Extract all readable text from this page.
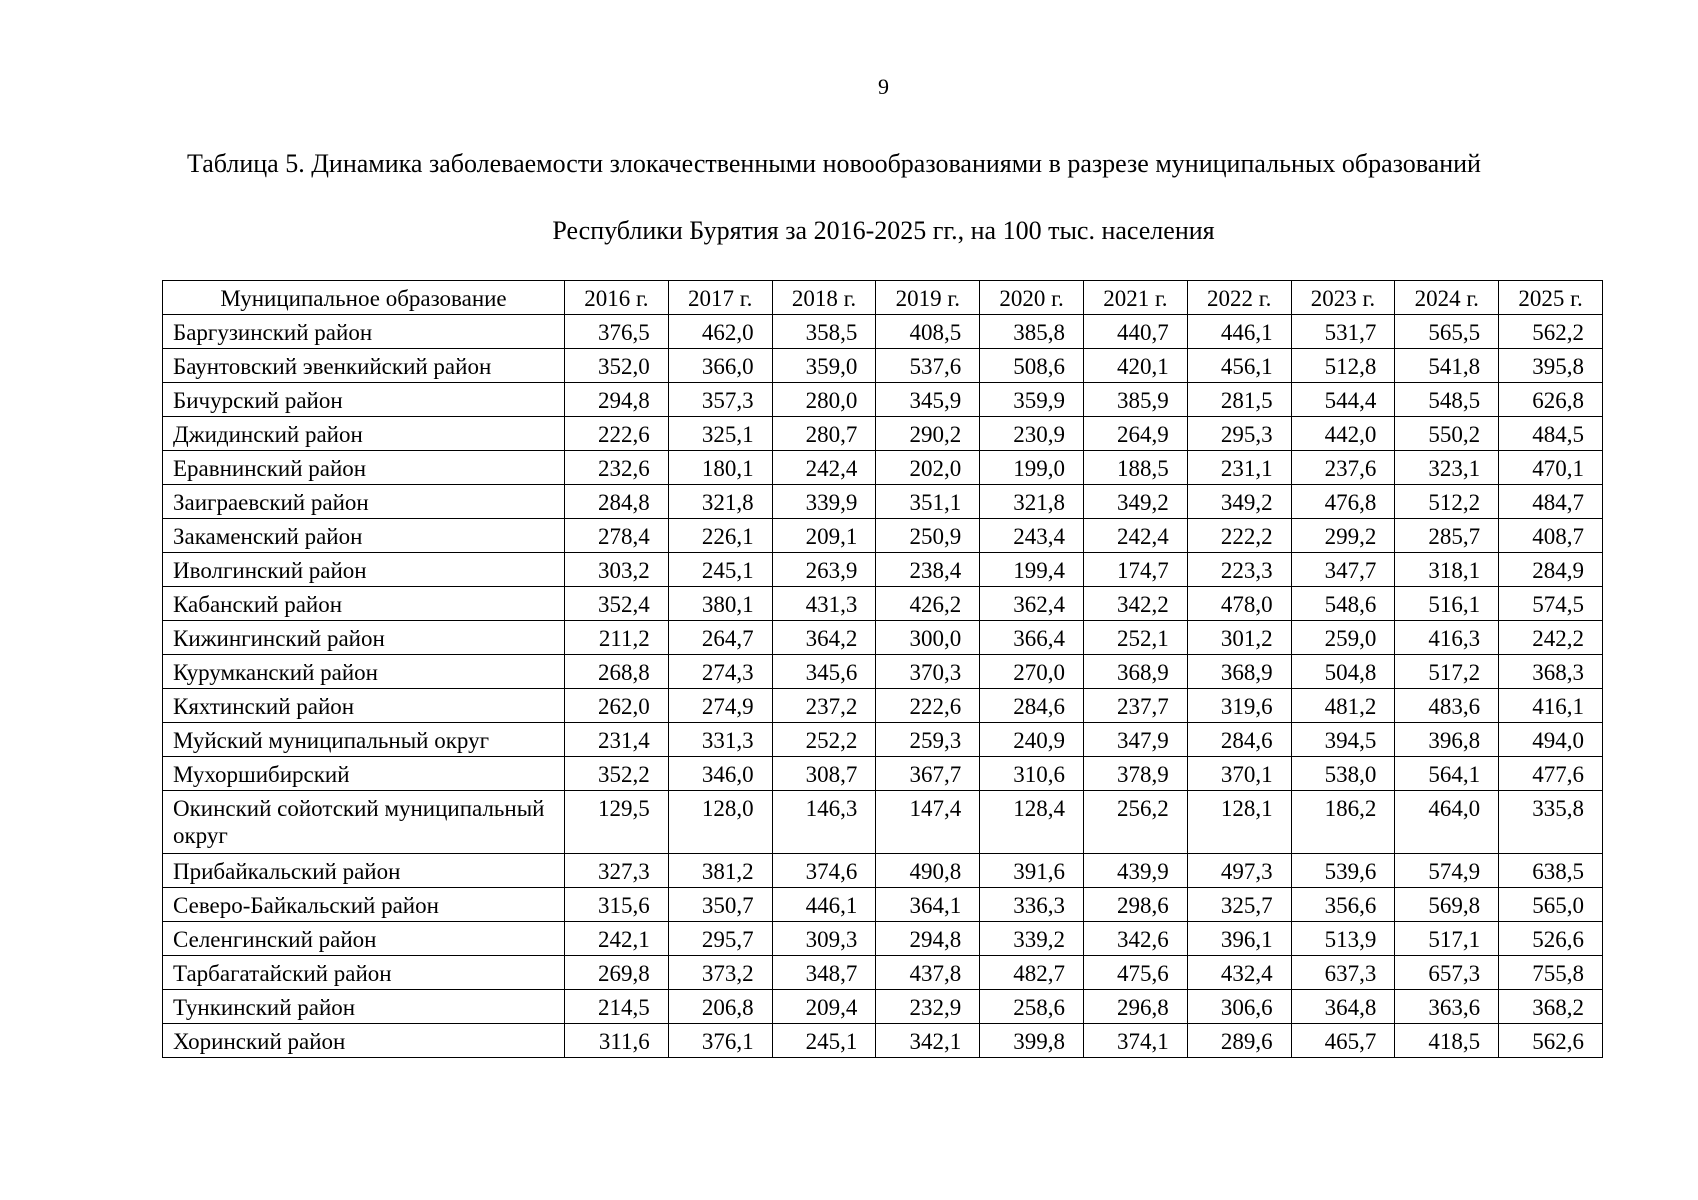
9
Таблица 5. Динамика заболеваемости злокачественными новообразованиями в разрезе муниципальных образований
Республики Бурятия за 2016-2025 гг., на 100 тыс. населения
Муниципальное образование	2016 г.	2017 г.	2018 г.	2019 г.	2020 г.	2021 г.	2022 г.	2023 г.	2024 г.	2025 г.
Баргузинский район	376,5	462,0	358,5	408,5	385,8	440,7	446,1	531,7	565,5	562,2
Баунтовский эвенкийский район	352,0	366,0	359,0	537,6	508,6	420,1	456,1	512,8	541,8	395,8
Бичурский район	294,8	357,3	280,0	345,9	359,9	385,9	281,5	544,4	548,5	626,8
Джидинский район	222,6	325,1	280,7	290,2	230,9	264,9	295,3	442,0	550,2	484,5
Еравнинский район	232,6	180,1	242,4	202,0	199,0	188,5	231,1	237,6	323,1	470,1
Заиграевский район	284,8	321,8	339,9	351,1	321,8	349,2	349,2	476,8	512,2	484,7
Закаменский район	278,4	226,1	209,1	250,9	243,4	242,4	222,2	299,2	285,7	408,7
Иволгинский район	303,2	245,1	263,9	238,4	199,4	174,7	223,3	347,7	318,1	284,9
Кабанский район	352,4	380,1	431,3	426,2	362,4	342,2	478,0	548,6	516,1	574,5
Кижингинский район	211,2	264,7	364,2	300,0	366,4	252,1	301,2	259,0	416,3	242,2
Курумканский район	268,8	274,3	345,6	370,3	270,0	368,9	368,9	504,8	517,2	368,3
Кяхтинский район	262,0	274,9	237,2	222,6	284,6	237,7	319,6	481,2	483,6	416,1
Муйский муниципальный округ	231,4	331,3	252,2	259,3	240,9	347,9	284,6	394,5	396,8	494,0
Мухоршибирский	352,2	346,0	308,7	367,7	310,6	378,9	370,1	538,0	564,1	477,6
Окинский сойотский муниципальный округ	129,5	128,0	146,3	147,4	128,4	256,2	128,1	186,2	464,0	335,8
Прибайкальский район	327,3	381,2	374,6	490,8	391,6	439,9	497,3	539,6	574,9	638,5
Северо-Байкальский район	315,6	350,7	446,1	364,1	336,3	298,6	325,7	356,6	569,8	565,0
Селенгинский район	242,1	295,7	309,3	294,8	339,2	342,6	396,1	513,9	517,1	526,6
Тарбагатайский район	269,8	373,2	348,7	437,8	482,7	475,6	432,4	637,3	657,3	755,8
Тункинский район	214,5	206,8	209,4	232,9	258,6	296,8	306,6	364,8	363,6	368,2
Хоринский район	311,6	376,1	245,1	342,1	399,8	374,1	289,6	465,7	418,5	562,6
